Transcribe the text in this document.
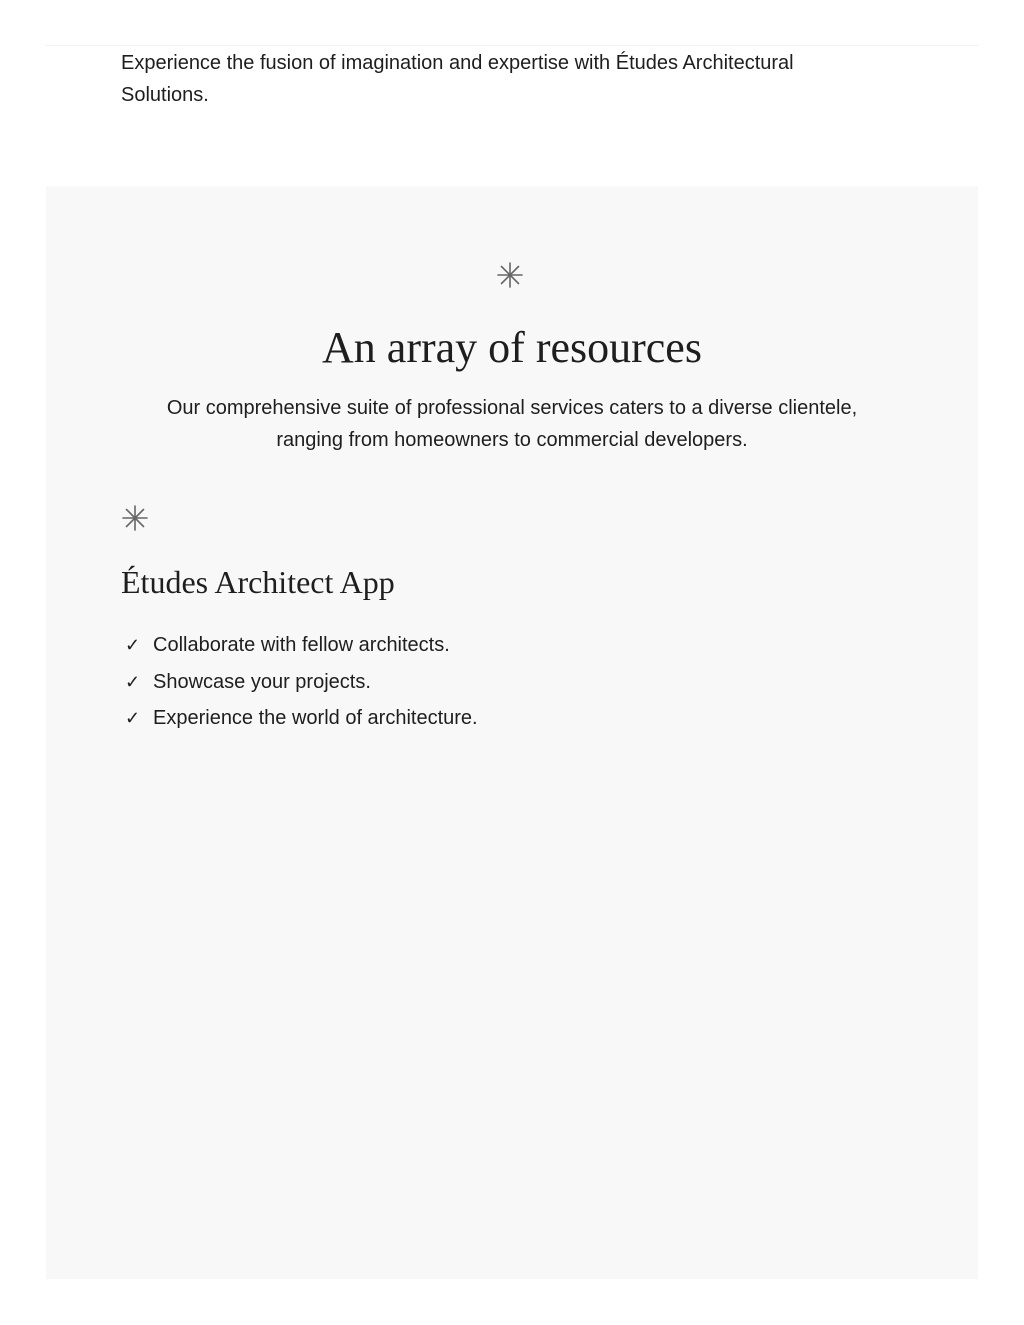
Experience the fusion of imagination and expertise with Études Architectural Solutions.

An array of resources

Our comprehensive suite of professional services caters to a diverse clientele, ranging from homeowners to commercial developers.

Études Architect App
✓ Collaborate with fellow architects.
✓ Showcase your projects.
✓ Experience the world of architecture.
